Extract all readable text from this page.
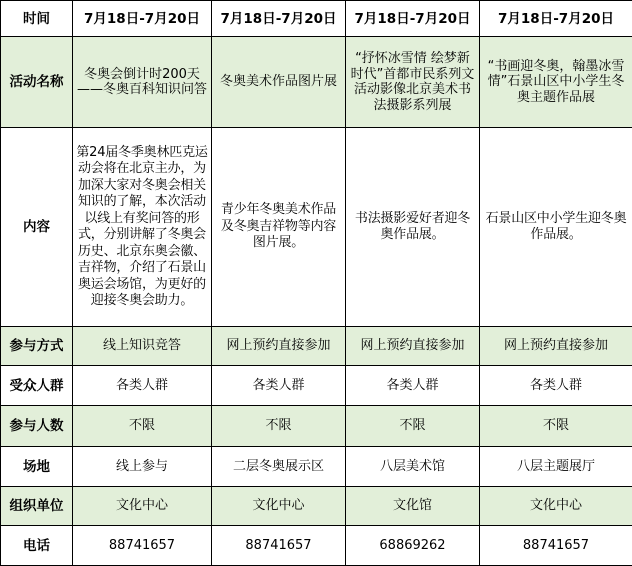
时间	7月18日-7月20日	7月18日-7月20日	7月18日-7月20日	7月18日-7月20日
活动名称	冬奥会倒计时200天——冬奥百科知识问答	冬奥美术作品图片展	“抒怀冰雪情 绘梦新时代”首都市民系列文活动影像北京美术书法摄影系列展	“书画迎冬奥，翰墨冰雪情”石景山区中小学生冬奥主题作品展
内容	第24届冬季奥林匹克运动会将在北京主办，为加深大家对冬奥会相关知识的了解，本次活动以线上有奖问答的形式，分别讲解了冬奥会历史、北京东奥会徽、吉祥物，介绍了石景山奥运会场馆，为更好的迎接冬奥会助力。	青少年冬奥美术作品及冬奥吉祥物等内容图片展。	书法摄影爱好者迎冬奥作品展。	石景山区中小学生迎冬奥作品展。
参与方式	线上知识竞答	网上预约直接参加	网上预约直接参加	网上预约直接参加
受众人群	各类人群	各类人群	各类人群	各类人群
参与人数	不限	不限	不限	不限
场地	线上参与	二层冬奥展示区	八层美术馆	八层主题展厅
组织单位	文化中心	文化中心	文化馆	文化中心
电话	88741657	88741657	68869262	88741657
